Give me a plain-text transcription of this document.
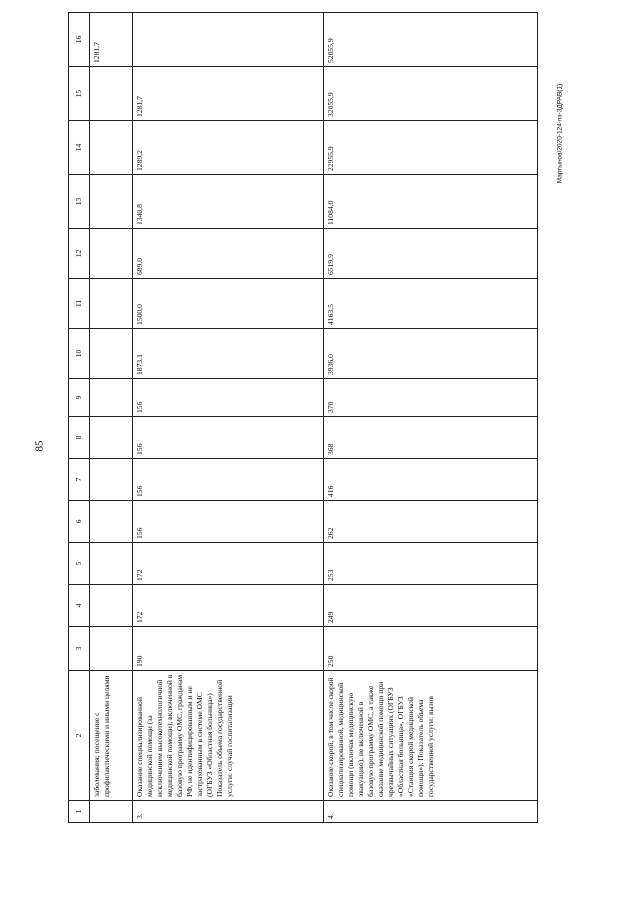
85
Мартынов/2020-124-пз-3ДРАВ(1)
1	2	3	4	5	6	7	8	9	10	11	12	13	14	15	16
	заболевания; посещение с профилактическими и иными целями														1281,7
3.	Оказание специализированной медицинской помощи (за исключением высокотехнологичной медицинской помощи), включенной в базовую программу ОМС, гражданам РФ, не идентифицированным и не застрахованным в системе ОМС (ОГБУЗ «Областная больница») Показатель объема государственной услуги: случай госпитализации	190	172	172	156	156	156	156	1873,1	1500,0	689,0	1340,8	1289,2	1281,7	
4.	Оказание скорой, в том числе скорой специализированной, медицинской помощи (включая медицинскую эвакуацию), не включенной в базовую программу ОМС, а также оказание медицинской помощи при чрезвычайных ситуациях (ОГБУЗ «Областная больница», ОГБУЗ «Станция скорой медицинской помощи»). Показатель объема государственной услуги: вызов	250	249	253	262	416	368	370	3936,0	4163,5	6519,9	11084,0	22955,9	32055,9	52055,9
